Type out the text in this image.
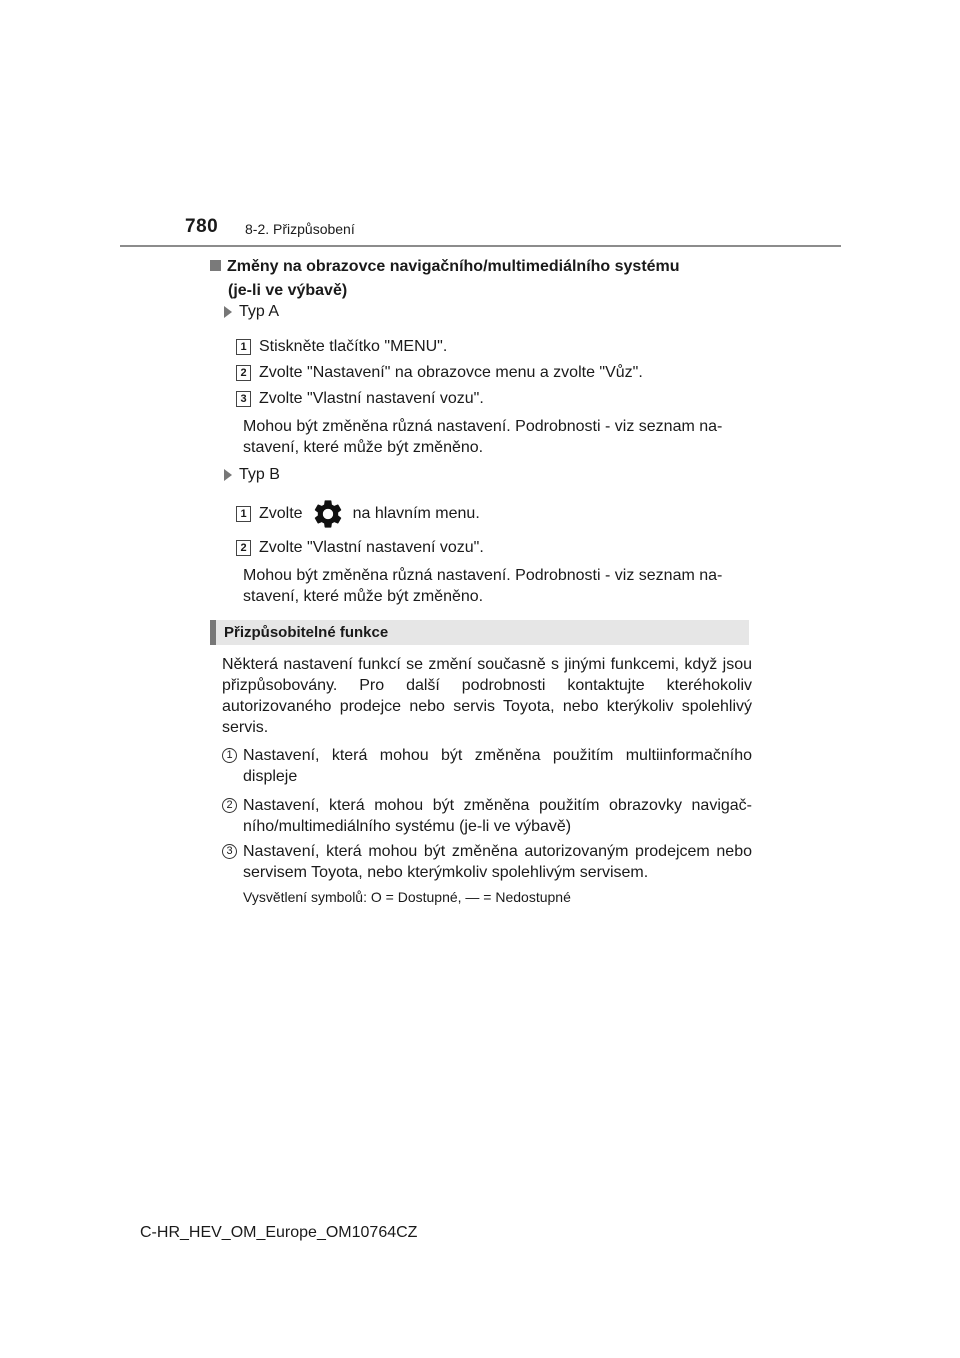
780 8-2. Přizpůsobení
Změny na obrazovce navigačního/multimediálního systému
(je-li ve výbavě)
Typ A
1 Stiskněte tlačítko "MENU".
2 Zvolte "Nastavení" na obrazovce menu a zvolte "Vůz".
3 Zvolte "Vlastní nastavení vozu".
Mohou být změněna různá nastavení. Podrobnosti - viz seznam na-stavení, které může být změněno.
Typ B
1 Zvolte	na hlavním menu.
2 Zvolte "Vlastní nastavení vozu".
Mohou být změněna různá nastavení. Podrobnosti - viz seznam na-stavení, které může být změněno.
Přizpůsobitelné funkce
Některá nastavení funkcí se změní současně s jinými funkcemi, když jsou přizpůsobovány. Pro další podrobnosti kontaktujte kteréhokoliv autorizovaného prodejce nebo servis Toyota, nebo kterýkoliv spolehlivý servis.
1 Nastavení, která mohou být změněna použitím multiinformačního displeje
2 Nastavení, která mohou být změněna použitím obrazovky navigač-ního/multimediálního systému (je-li ve výbavě)
3 Nastavení, která mohou být změněna autorizovaným prodejcem nebo servisem Toyota, nebo kterýmkoliv spolehlivým servisem.
Vysvětlení symbolů: O = Dostupné, — = Nedostupné
C-HR_HEV_OM_Europe_OM10764CZ
